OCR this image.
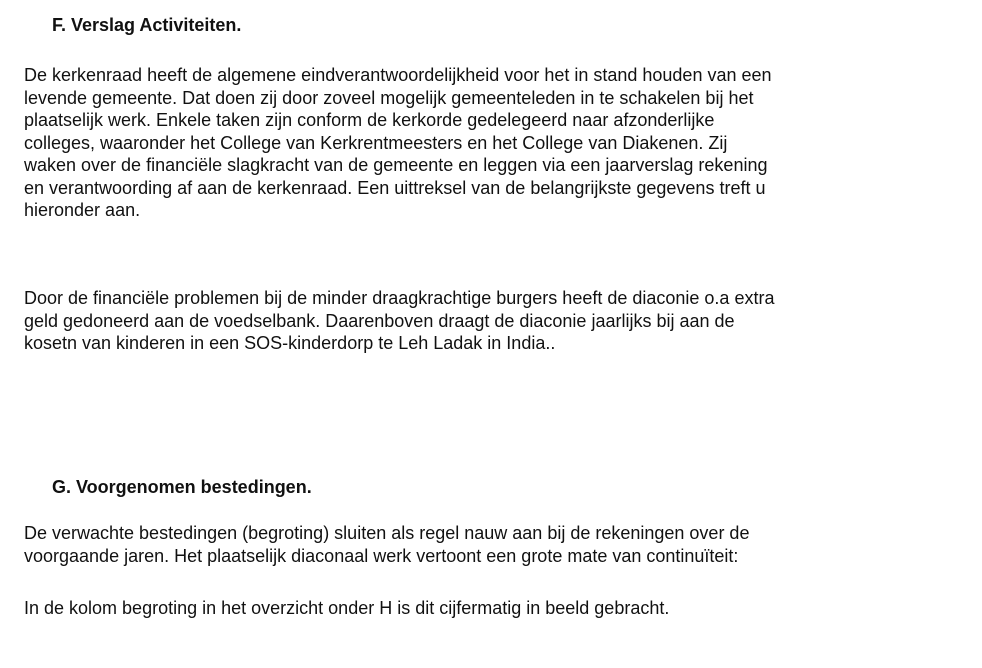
F. Verslag Activiteiten.

De kerkenraad heeft de algemene eindverantwoordelijkheid voor het in stand houden van een
levende gemeente. Dat doen zij door zoveel mogelijk gemeenteleden in te schakelen bij het
plaatselijk werk. Enkele taken zijn conform de kerkorde gedelegeerd naar afzonderlijke
colleges, waaronder het College van Kerkrentmeesters en het College van Diakenen. Zij
waken over de financiële slagkracht van de gemeente en leggen via een jaarverslag rekening
en verantwoording af aan de kerkenraad. Een uittreksel van de belangrijkste gegevens treft u
hieronder aan.

Door de financiële problemen bij de minder draagkrachtige burgers heeft de diaconie o.a extra
geld gedoneerd aan de voedselbank. Daarenboven draagt de diaconie jaarlijks bij aan de
kosetn van kinderen in een SOS-kinderdorp te Leh Ladak in India..

G. Voorgenomen bestedingen.

De verwachte bestedingen (begroting) sluiten als regel nauw aan bij de rekeningen over de
voorgaande jaren. Het plaatselijk diaconaal werk vertoont een grote mate van continuïteit:

In de kolom begroting in het overzicht onder H is dit cijfermatig in beeld gebracht.
